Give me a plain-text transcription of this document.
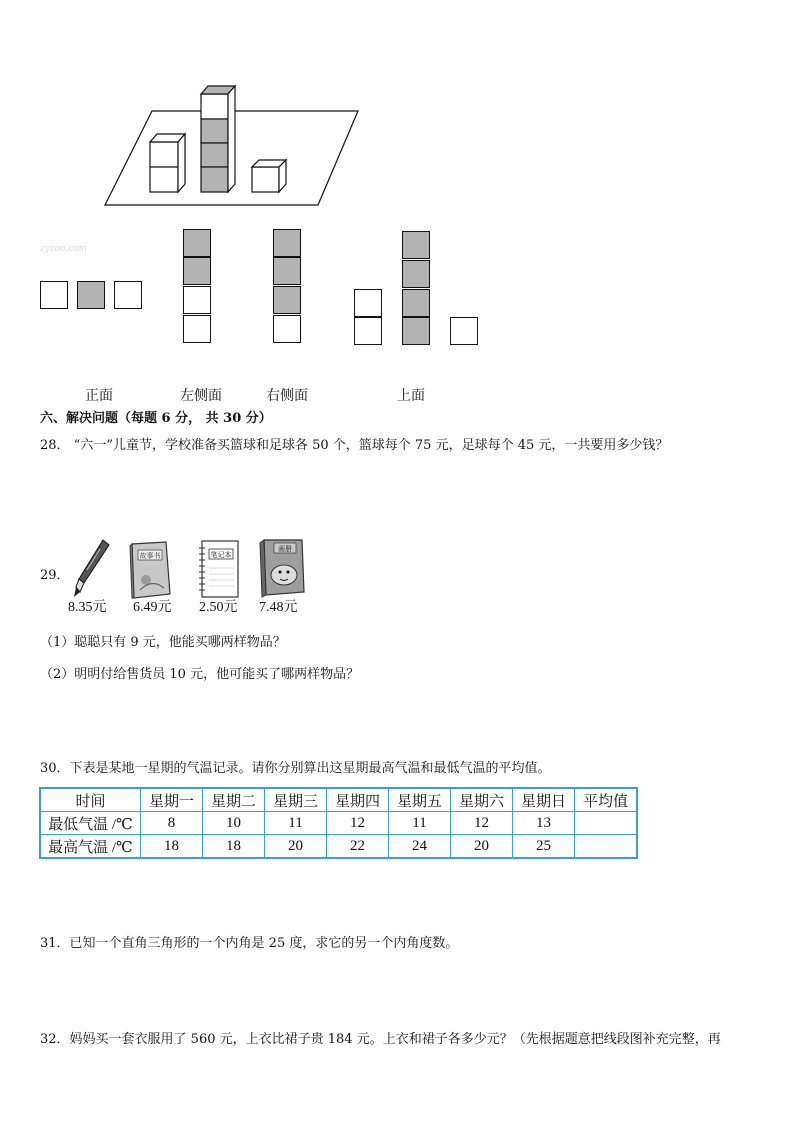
zyzoo.com
正面	左侧面	右侧面	上面
六、解决问题（每题 6 分， 共 30 分）
28． “六一”儿童节，学校准备买篮球和足球各 50 个，篮球每个 75 元，足球每个 45 元，一共要用多少钱？
29．
故事书	笔记本
画册
8.35元 6.49元 2.50元 7.48元
（1）聪聪只有 9 元，他能买哪两样物品？
（2）明明付给售货员 10 元，他可能买了哪两样物品？
30．下表是某地一星期的气温记录。请你分别算出这星期最高气温和最低气温的平均值。
时间	星期一	星期二	星期三	星期四	星期五	星期六	星期日	平均值
最低气温 /℃	8	10	11	12	11	12	13	
最高气温 /℃	18	18	20	22	24	20	25	
31．已知一个直角三角形的一个内角是 25 度，求它的另一个内角度数。
32．妈妈买一套衣服用了 560 元，上衣比裙子贵 184 元。上衣和裙子各多少元？（先根据题意把线段图补充完整，再
